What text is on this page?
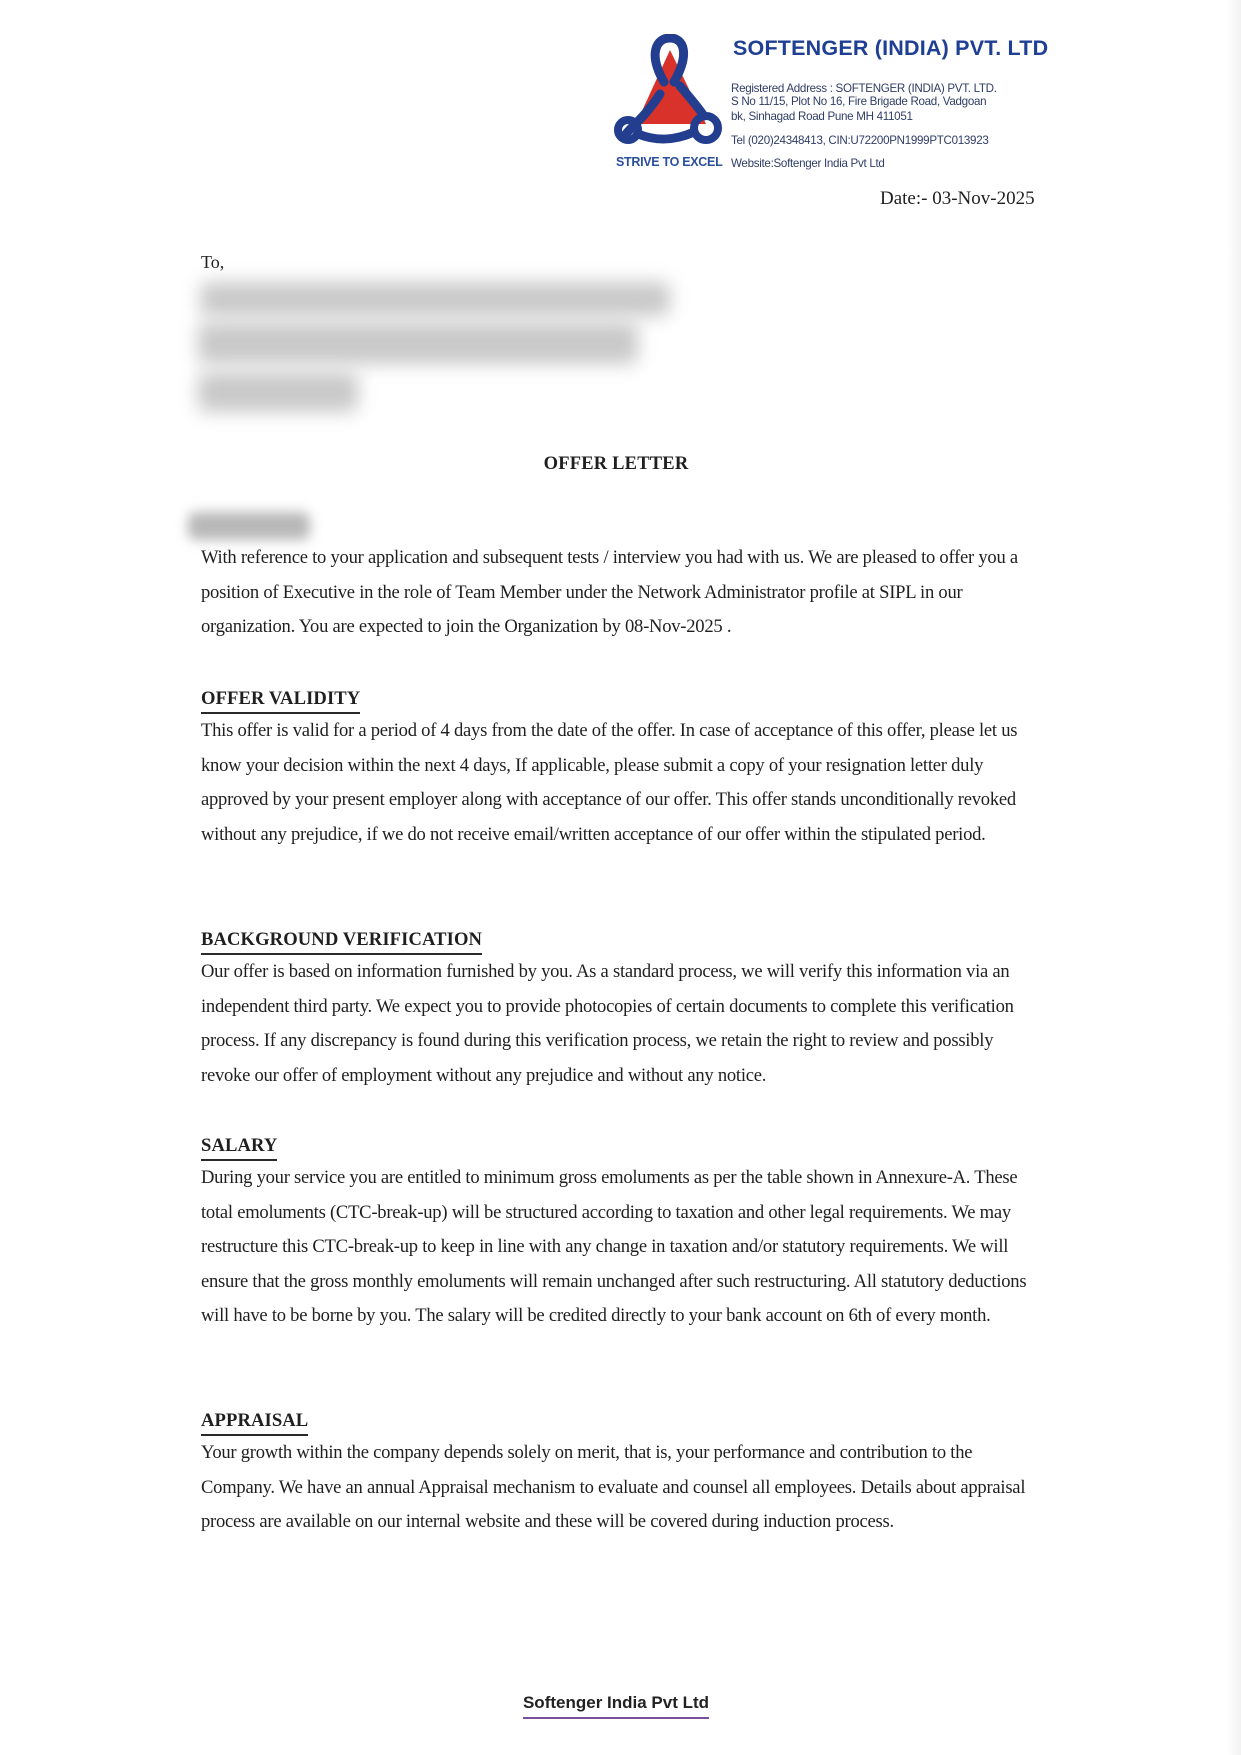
STRIVE TO EXCEL
SOFTENGER (INDIA) PVT. LTD
Registered Address : SOFTENGER (INDIA) PVT. LTD.
S No 11/15, Plot No 16, Fire Brigade Road, Vadgoan
bk, Sinhagad Road Pune MH 411051
Tel (020)24348413, CIN:U72200PN1999PTC013923
Website:Softenger India Pvt Ltd
Date:- 03-Nov-2025
To,
OFFER LETTER

With reference to your application and subsequent tests / interview you had with us. We are pleased to offer you a position of Executive in the role of Team Member under the Network Administrator profile at SIPL in our organization. You are expected to join the Organization by 08-Nov-2025 .

OFFER VALIDITY

This offer is valid for a period of 4 days from the date of the offer. In case of acceptance of this offer, please let us know your decision within the next 4 days, If applicable, please submit a copy of your resignation letter duly approved by your present employer along with acceptance of our offer. This offer stands unconditionally revoked without any prejudice, if we do not receive email/written acceptance of our offer within the stipulated period.

BACKGROUND VERIFICATION

Our offer is based on information furnished by you. As a standard process, we will verify this information via an independent third party. We expect you to provide photocopies of certain documents to complete this verification process. If any discrepancy is found during this verification process, we retain the right to review and possibly revoke our offer of employment without any prejudice and without any notice.

SALARY

During your service you are entitled to minimum gross emoluments as per the table shown in Annexure-A. These total emoluments (CTC-break-up) will be structured according to taxation and other legal requirements. We may restructure this CTC-break-up to keep in line with any change in taxation and/or statutory requirements. We will ensure that the gross monthly emoluments will remain unchanged after such restructuring. All statutory deductions will have to be borne by you. The salary will be credited directly to your bank account on 6th of every month.

APPRAISAL

Your growth within the company depends solely on merit, that is, your performance and contribution to the Company. We have an annual Appraisal mechanism to evaluate and counsel all employees. Details about appraisal process are available on our internal website and these will be covered during induction process.

Softenger India Pvt Ltd
